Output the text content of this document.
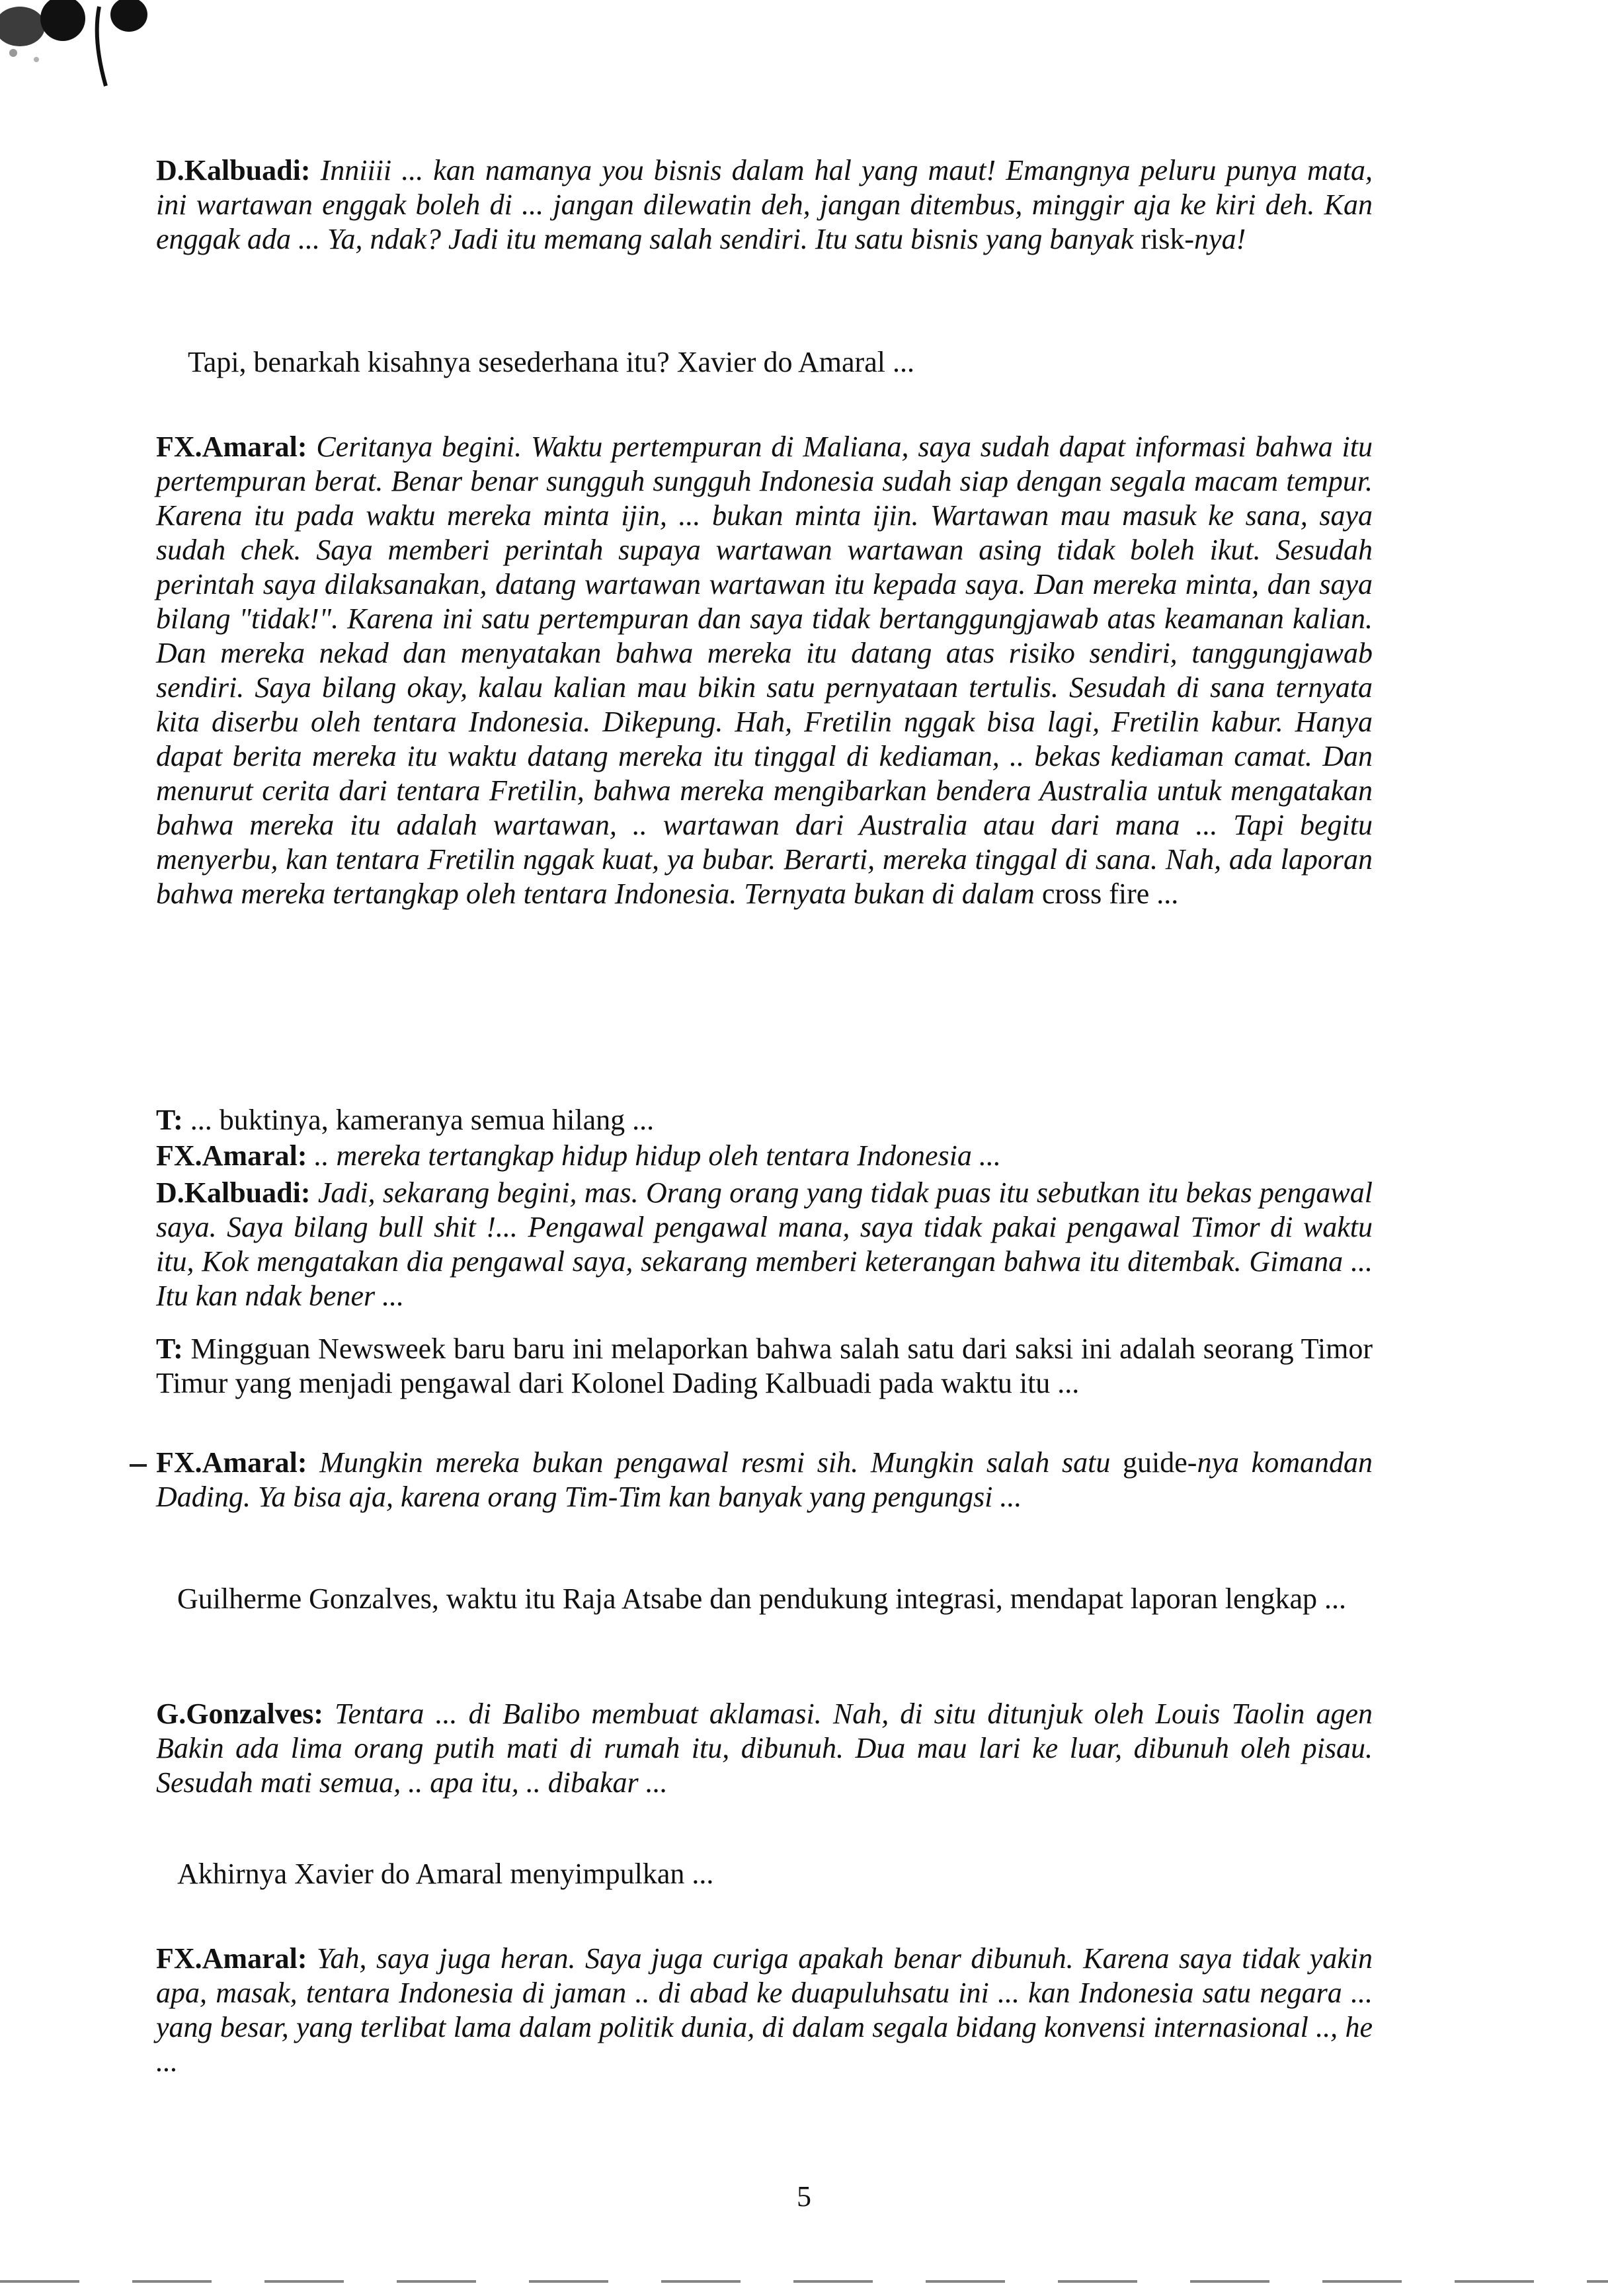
D.Kalbuadi: Inniiii ... kan namanya you bisnis dalam hal yang maut! Emangnya peluru punya mata, ini wartawan enggak boleh di ... jangan dilewatin deh, jangan ditembus, minggir aja ke kiri deh. Kan enggak ada ... Ya, ndak? Jadi itu memang salah sendiri. Itu satu bisnis yang banyak risk-nya!

Tapi, benarkah kisahnya sesederhana itu? Xavier do Amaral ...

FX.Amaral: Ceritanya begini. Waktu pertempuran di Maliana, saya sudah dapat informasi bahwa itu pertempuran berat. Benar benar sungguh sungguh Indonesia sudah siap dengan segala macam tempur. Karena itu pada waktu mereka minta ijin, ... bukan minta ijin. Wartawan mau masuk ke sana, saya sudah chek. Saya memberi perintah supaya wartawan wartawan asing tidak boleh ikut. Sesudah perintah saya dilaksanakan, datang wartawan wartawan itu kepada saya. Dan mereka minta, dan saya bilang "tidak!". Karena ini satu pertempuran dan saya tidak bertanggungjawab atas keamanan kalian. Dan mereka nekad dan menyatakan bahwa mereka itu datang atas risiko sendiri, tanggungjawab sendiri. Saya bilang okay, kalau kalian mau bikin satu pernyataan tertulis. Sesudah di sana ternyata kita diserbu oleh tentara Indonesia. Dikepung. Hah, Fretilin nggak bisa lagi, Fretilin kabur. Hanya dapat berita mereka itu waktu datang mereka itu tinggal di kediaman, .. bekas kediaman camat. Dan menurut cerita dari tentara Fretilin, bahwa mereka mengibarkan bendera Australia untuk mengatakan bahwa mereka itu adalah wartawan, .. wartawan dari Australia atau dari mana ... Tapi begitu menyerbu, kan tentara Fretilin nggak kuat, ya bubar. Berarti, mereka tinggal di sana. Nah, ada laporan bahwa mereka tertangkap oleh tentara Indonesia. Ternyata bukan di dalam cross fire ...

T: ... buktinya, kameranya semua hilang ...

FX.Amaral: .. mereka tertangkap hidup hidup oleh tentara Indonesia ...

D.Kalbuadi: Jadi, sekarang begini, mas. Orang orang yang tidak puas itu sebutkan itu bekas pengawal saya. Saya bilang bull shit !... Pengawal pengawal mana, saya tidak pakai pengawal Timor di waktu itu, Kok mengatakan dia pengawal saya, sekarang memberi keterangan bahwa itu ditembak. Gimana ... Itu kan ndak bener ...

T: Mingguan Newsweek baru baru ini melaporkan bahwa salah satu dari saksi ini adalah seorang Timor Timur yang menjadi pengawal dari Kolonel Dading Kalbuadi pada waktu itu ...

FX.Amaral: Mungkin mereka bukan pengawal resmi sih. Mungkin salah satu guide-nya komandan Dading. Ya bisa aja, karena orang Tim-Tim kan banyak yang pengungsi ...

Guilherme Gonzalves, waktu itu Raja Atsabe dan pendukung integrasi, mendapat laporan lengkap ...

G.Gonzalves: Tentara ... di Balibo membuat aklamasi. Nah, di situ ditunjuk oleh Louis Taolin agen Bakin ada lima orang putih mati di rumah itu, dibunuh. Dua mau lari ke luar, dibunuh oleh pisau. Sesudah mati semua, .. apa itu, .. dibakar ...

Akhirnya Xavier do Amaral menyimpulkan ...

FX.Amaral: Yah, saya juga heran. Saya juga curiga apakah benar dibunuh. Karena saya tidak yakin apa, masak, tentara Indonesia di jaman .. di abad ke duapuluhsatu ini ... kan Indonesia satu negara ... yang besar, yang terlibat lama dalam politik dunia, di dalam segala bidang konvensi internasional .., he ...

5
